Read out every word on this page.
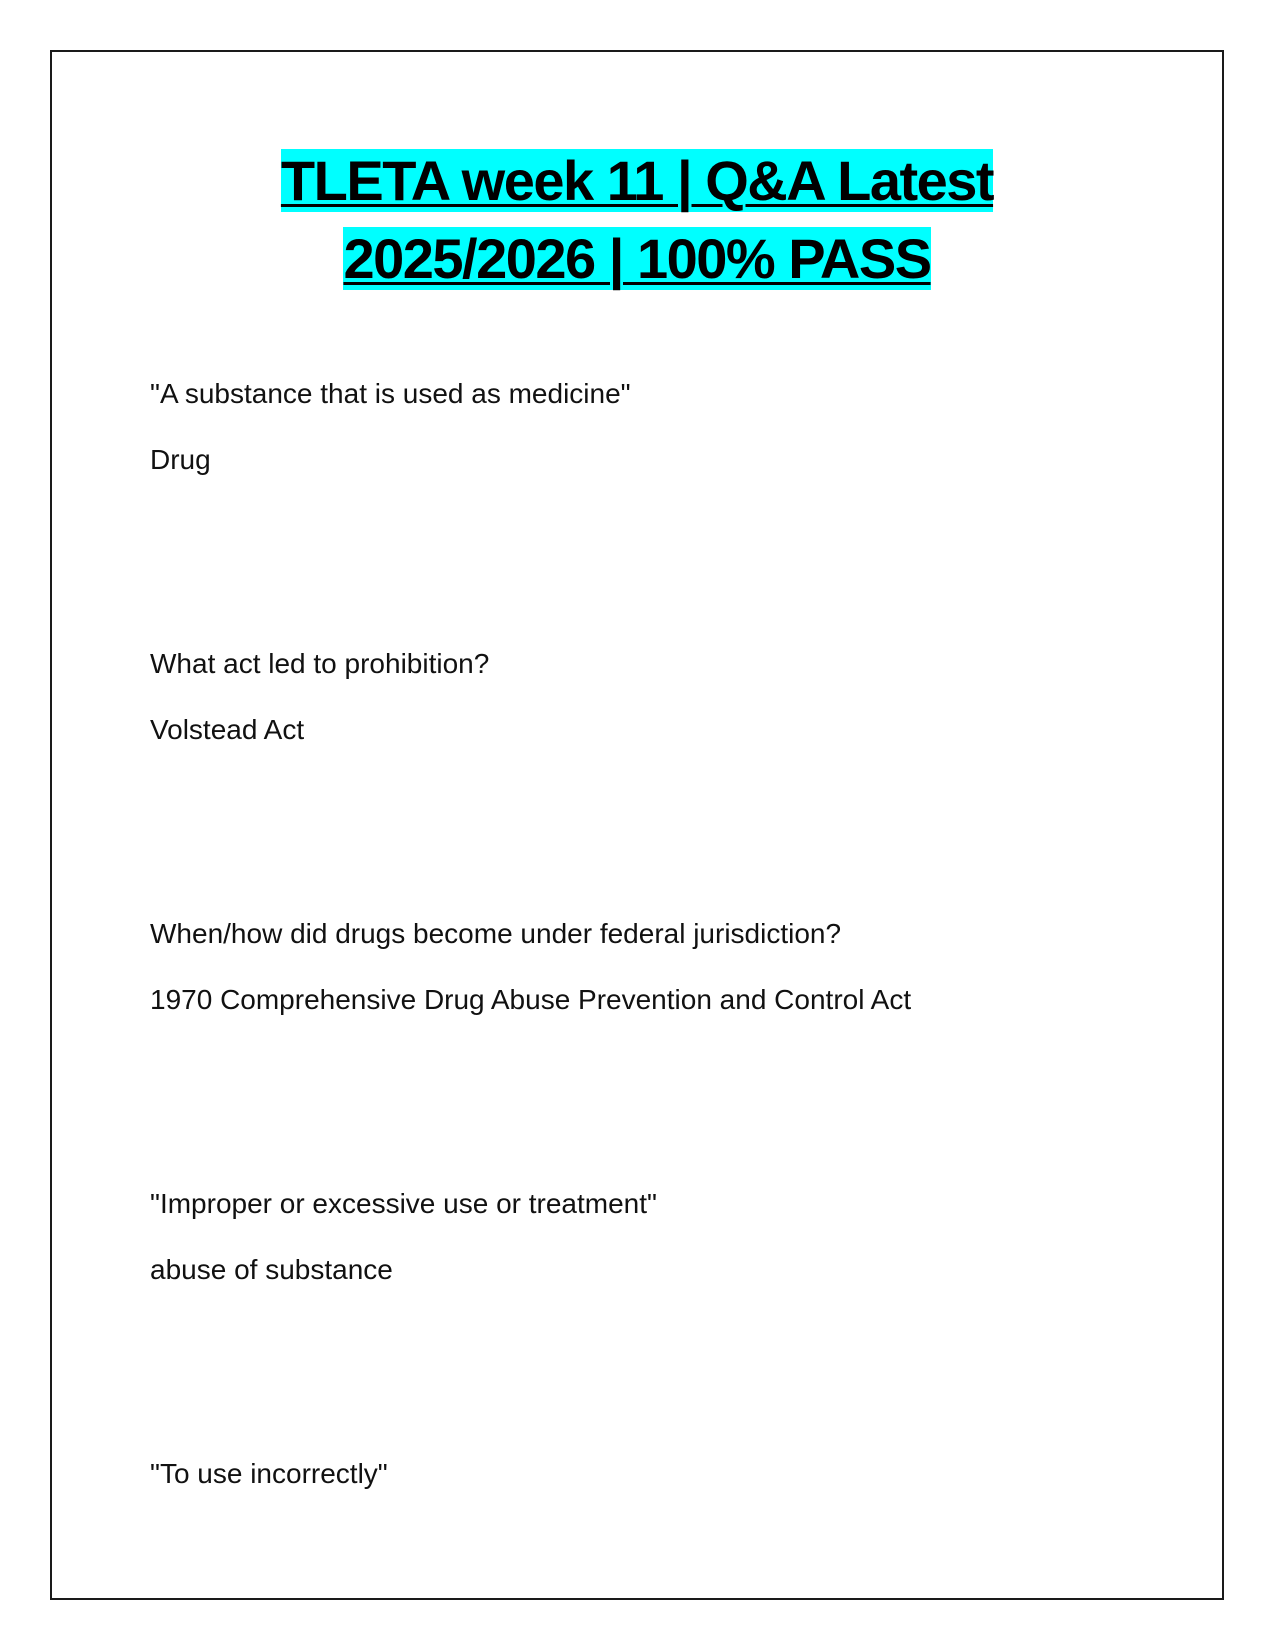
TLETA week 11 | Q&A Latest
2025/2026 | 100% PASS

"A substance that is used as medicine"

Drug

What act led to prohibition?

Volstead Act

When/how did drugs become under federal jurisdiction?

1970 Comprehensive Drug Abuse Prevention and Control Act

"Improper or excessive use or treatment"

abuse of substance

"To use incorrectly"
